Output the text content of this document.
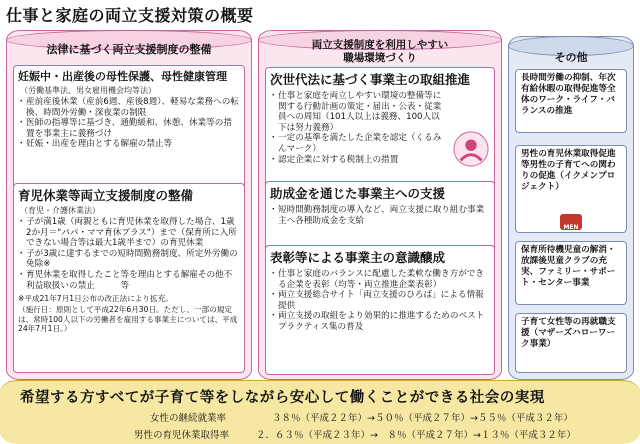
仕事と家庭の両立支援対策の概要
法律に基づく両立支援制度の整備
妊娠中・出産後の母性保護、母性健康管理
（労働基準法、男女雇用機会均等法）
・ 産前産後休業（産前6週、産後8週）、軽易な業務への転換、時間外労働・深夜業の制限
・ 医師の指導等に基づき、通勤緩和、休憩、休業等の措置を事業主に義務づけ
・ 妊娠・出産を理由とする解雇の禁止等
育児休業等両立支援制度の整備
（育児・介護休業法）
・ 子が満1歳（両親ともに育児休業を取得した場合、1歳2か月＝"パパ・ママ育休プラス"）まで（保育所に入所できない場合等は最大1歳半まで）の育児休業
・ 子が3歳に達するまでの短時間勤務制度、所定外労働の免除※
・ 育児休業を取得したこと等を理由とする解雇その他不利益取扱いの禁止　　　等
※平成21年7月1日公布の改正法により拡充。
（施行日：原則として平成22年6月30日。ただし、一部の規定は、常時100人以下の労働者を雇用する事業主については、平成24年7月1日。）
両立支援制度を利用しやすい職場環境づくり
次世代法に基づく事業主の取組推進
・ 仕事と家庭を両立しやすい環境の整備等に関する行動計画の策定・届出・公表・従業員への周知（101人以上は義務、100人以下は努力義務）
・ 一定の基準を満たした企業を認定（くるみんマーク）
・ 認定企業に対する税制上の措置
助成金を通じた事業主への支援
・ 短時間勤務制度の導入など、両立支援に取り組む事業主へ各種助成金を支給
表彰等による事業主の意識醸成
・ 仕事と家庭のバランスに配慮した柔軟な働き方ができる企業を表彰（均等・両立推進企業表彰）
・ 両立支援総合サイト「両立支援のひろば」による情報提供
・ 両立支援の取組をより効果的に推進するためのベストプラクティス集の普及
その他
長時間労働の抑制、年次有給休暇の取得促進等全体のワーク・ライフ・バランスの推進
男性の育児休業取得促進等男性の子育てへの関わりの促進（イクメンプロジェクト）
MEN
保育所待機児童の解消・放課後児童クラブの充実、ファミリー・サポート・センター事業
子育て女性等の再就職支援（マザーズハローワーク事業）
希望する方すべてが子育て等をしながら安心して働くことができる社会の実現
女性の継続就業率	３８％（平成２２年）→５０％（平成２７年）→５５％（平成３２年）
男性の育児休業取得率	２．６３％（平成２３年）→　８％（平成２７年）→１３％（平成３２年）
